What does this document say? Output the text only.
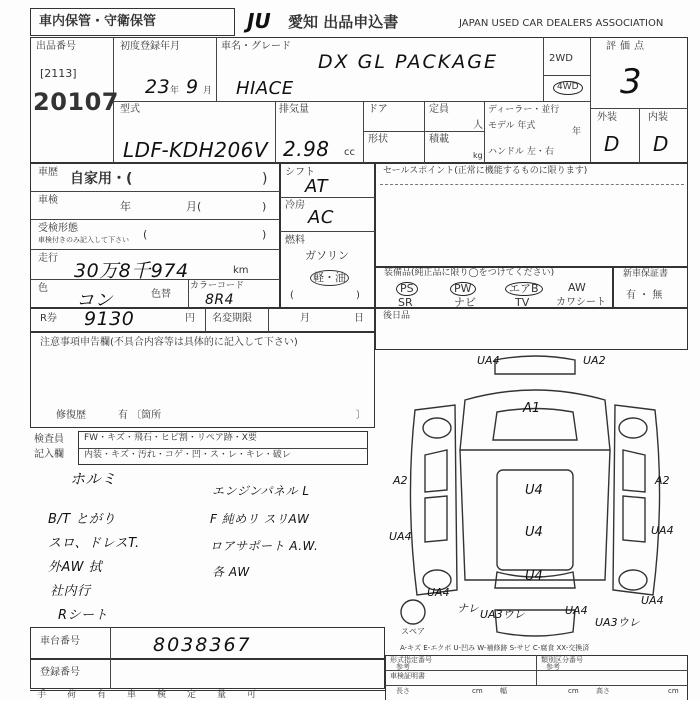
車内保管・守衛保管	JU 愛知 出品申込書	JAPAN USED CAR DEALERS ASSOCIATION
出品番号
[2113]
20107
初度登録年月
23 年 9 月
車名・グレード
DX GL PACKAGE
HIACE
2WD
4WD
評価点
3
外装	内装
D D
型式
LDF-KDH206V
排気量
2.98 cc
ドア	定員
人
形状	積載
kg
ディーラー・並行
モデル 年式
年
ハンドル 左・右
車歴 自家用・(	)
車検	年	月(	)
受検形態
車検付きのみ記入して下さい (	)
走行
30万8千974	km
色
コン	色替
カラーコード
8R4
シフト
AT
冷房
AC
燃料
ガソリン
軽・油
(	)
セールスポイント(正常に機能するものに限ります)
装備品(純正品に限り◯をつけてください)
PS	PW	エアB	AW
SR	ナビ	TV	カワシート
新車保証書
有 ・ 無
R券 9130	円 名変期限	月	日 後日品
注意事項申告欄(不具合内容等は具体的に記入して下さい)
修復歴	有 〔箇所	〕
検査員
記入欄
FW・キズ・飛石・ヒビ割・リペア跡・X要
内装・キズ・汚れ・コゲ・凹・ス・レ・キレ・破レ
ホルミ
B/T とがり
エンジンパネル L
スロ、ドレスT.
F 純めリ スリAW
外AW 拭
ロアサポート A.W.
社内行
各 AW
Rシート
車台番号	8038367
登録番号
手 荷 有 車 検 定 量 可
UA4	UA2
A1
A2
U4
U4
A2
UA4	UA4
U4
UA4
UA4
UA3ウレ
UA3ウレ
ナレ	UA4
スペア
A-キズ E-エクボ U-凹み W-補修跡 S-サビ C-腐食 XX-交換済
形式指定番号
参考
類別区分番号
参考
車検証明書
長さ	cm 幅	cm 高さ	cm
